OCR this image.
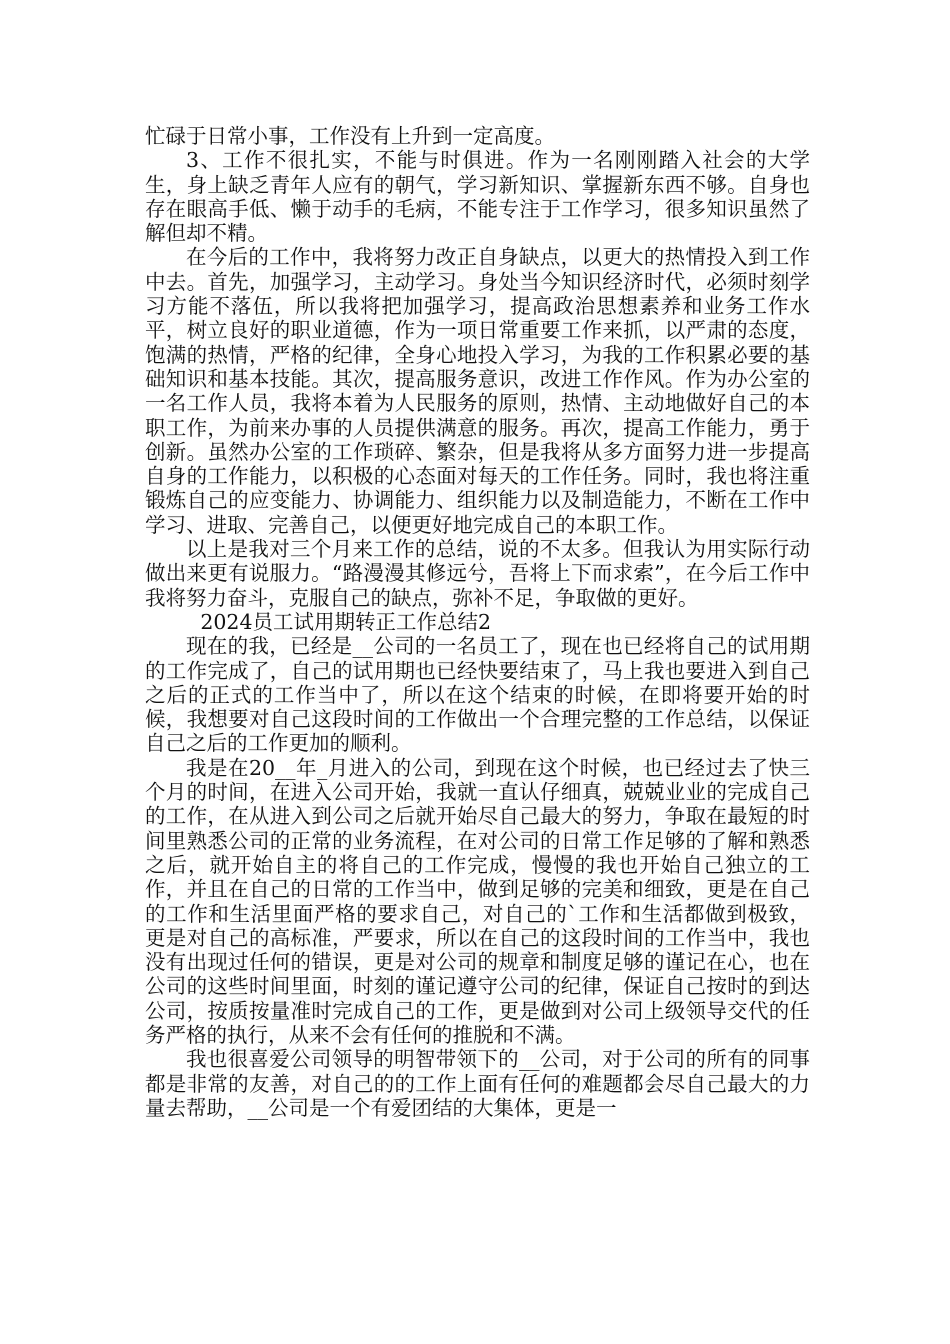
忙碌于日常小事，工作没有上升到一定高度。

3、工作不很扎实，不能与时俱进。作为一名刚刚踏入社会的大学生，身上缺乏青年人应有的朝气，学习新知识、掌握新东西不够。自身也存在眼高手低、懒于动手的毛病，不能专注于工作学习，很多知识虽然了解但却不精。

在今后的工作中，我将努力改正自身缺点，以更大的热情投入到工作中去。首先，加强学习，主动学习。身处当今知识经济时代，必须时刻学习方能不落伍，所以我将把加强学习，提高政治思想素养和业务工作水平，树立良好的职业道德，作为一项日常重要工作来抓，以严肃的态度，饱满的热情，严格的纪律，全身心地投入学习，为我的工作积累必要的基础知识和基本技能。其次，提高服务意识，改进工作作风。作为办公室的一名工作人员，我将本着为人民服务的原则，热情、主动地做好自己的本职工作，为前来办事的人员提供满意的服务。再次，提高工作能力，勇于创新。虽然办公室的工作琐碎、繁杂，但是我将从多方面努力进一步提高自身的工作能力，以积极的心态面对每天的工作任务。同时，我也将注重锻炼自己的应变能力、协调能力、组织能力以及制造能力，不断在工作中学习、进取、完善自己，以便更好地完成自己的本职工作。

以上是我对三个月来工作的总结，说的不太多。但我认为用实际行动做出来更有说服力。“路漫漫其修远兮，吾将上下而求索”，在今后工作中我将努力奋斗，克服自己的缺点，弥补不足，争取做的更好。

2024员工试用期转正工作总结2

现在的我，已经是__公司的一名员工了，现在也已经将自己的试用期的工作完成了，自己的试用期也已经快要结束了，马上我也要进入到自己之后的正式的工作当中了，所以在这个结束的时候，在即将要开始的时候，我想要对自己这段时间的工作做出一个合理完整的工作总结，以保证自己之后的工作更加的顺利。

我是在20__年_月进入的公司，到现在这个时候，也已经过去了快三个月的时间，在进入公司开始，我就一直认仔细真，兢兢业业的完成自己的工作，在从进入到公司之后就开始尽自己最大的努力，争取在最短的时间里熟悉公司的正常的业务流程，在对公司的日常工作足够的了解和熟悉之后，就开始自主的将自己的工作完成，慢慢的我也开始自己独立的工作，并且在自己的日常的工作当中，做到足够的完美和细致，更是在自己的工作和生活里面严格的要求自己，对自己的`工作和生活都做到极致，更是对自己的高标准，严要求，所以在自己的这段时间的工作当中，我也没有出现过任何的错误，更是对公司的规章和制度足够的谨记在心，也在公司的这些时间里面，时刻的谨记遵守公司的纪律，保证自己按时的到达公司，按质按量准时完成自己的工作，更是做到对公司上级领导交代的任务严格的执行，从来不会有任何的推脱和不满。

我也很喜爱公司领导的明智带领下的__公司，对于公司的所有的同事都是非常的友善，对自己的的工作上面有任何的难题都会尽自己最大的力量去帮助，__公司是一个有爱团结的大集体，更是一
